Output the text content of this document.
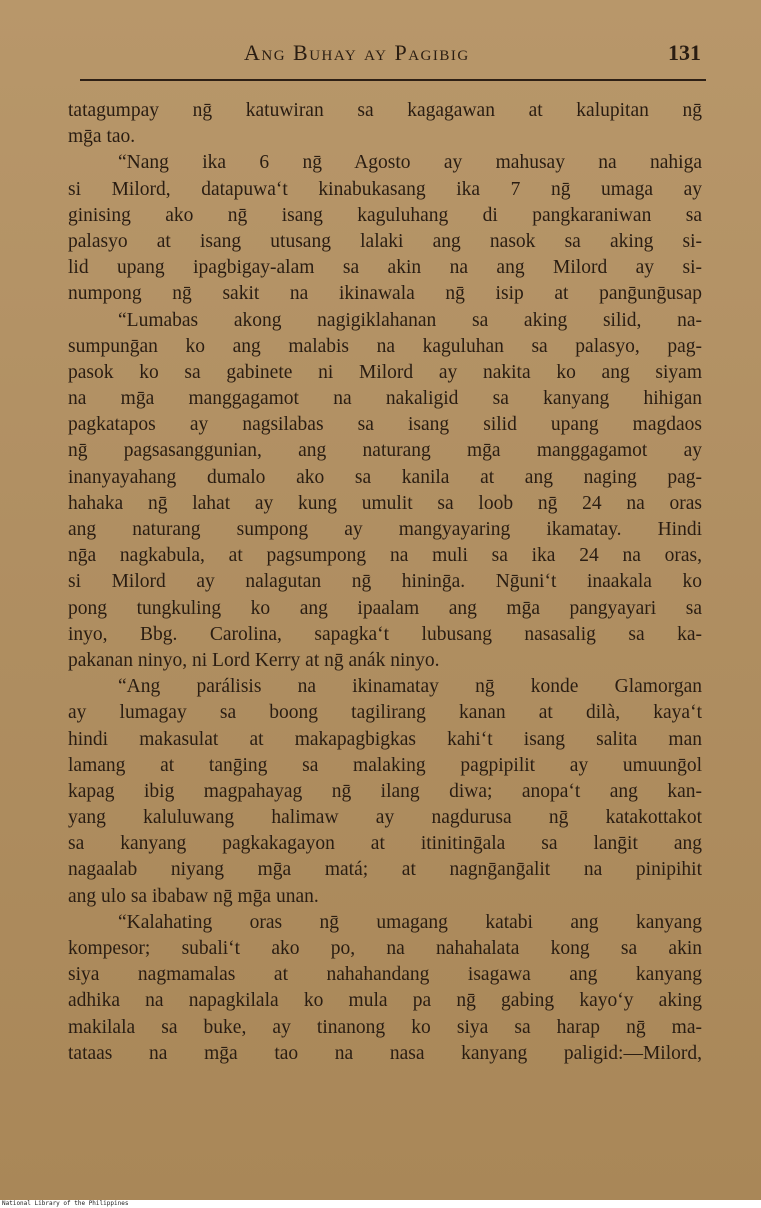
Ang Buhay ay Pagibig	131
tatagumpay nḡ katuwiran sa kagagawan at kalupitan nḡ
mḡa tao.
“Nang ika 6 nḡ Agosto ay mahusay na nahiga
si Milord, datapuwa‘t kinabukasang ika 7 nḡ umaga ay
ginising ako nḡ isang kaguluhang di pangkaraniwan sa
palasyo at isang utusang lalaki ang nasok sa aking si-
lid upang ipagbigay-alam sa akin na ang Milord ay si-
numpong nḡ sakit na ikinawala nḡ isip at panḡunḡusap
“Lumabas akong nagigiklahanan sa aking silid, na-
sumpunḡan ko ang malabis na kaguluhan sa palasyo, pag-
pasok ko sa gabinete ni Milord ay nakita ko ang siyam
na mḡa manggagamot na nakaligid sa kanyang hihigan
pagkatapos ay nagsilabas sa isang silid upang magdaos
nḡ pagsasanggunian, ang naturang mḡa manggagamot ay
inanyayahang dumalo ako sa kanila at ang naging pag-
hahaka nḡ lahat ay kung umulit sa loob nḡ 24 na oras
ang naturang sumpong ay mangyayaring ikamatay. Hindi
nḡa nagkabula, at pagsumpong na muli sa ika 24 na oras,
si Milord ay nalagutan nḡ hininḡa. Nḡuni‘t inaakala ko
pong tungkuling ko ang ipaalam ang mḡa pangyayari sa
inyo, Bbg. Carolina, sapagka‘t lubusang nasasalig sa ka-
pakanan ninyo, ni Lord Kerry at nḡ anák ninyo.
“Ang parálisis na ikinamatay nḡ konde Glamorgan
ay lumagay sa boong tagilirang kanan at dilà, kaya‘t
hindi makasulat at makapagbigkas kahi‘t isang salita man
lamang at tanḡing sa malaking pagpipilit ay umuunḡol
kapag ibig magpahayag nḡ ilang diwa; anopa‘t ang kan-
yang kaluluwang halimaw ay nagdurusa nḡ katakottakot
sa kanyang pagkakagayon at itinitinḡala sa lanḡit ang
nagaalab niyang mḡa matá; at nagnḡanḡalit na pinipihit
ang ulo sa ibabaw nḡ mḡa unan.
“Kalahating oras nḡ umagang katabi ang kanyang
kompesor; subali‘t ako po, na nahahalata kong sa akin
siya nagmamalas at nahahandang isagawa ang kanyang
adhika na napagkilala ko mula pa nḡ gabing kayo‘y aking
makilala sa buke, ay tinanong ko siya sa harap nḡ ma-
tataas na mḡa tao na nasa kanyang paligid:—Milord,
National Library of the Philippines
